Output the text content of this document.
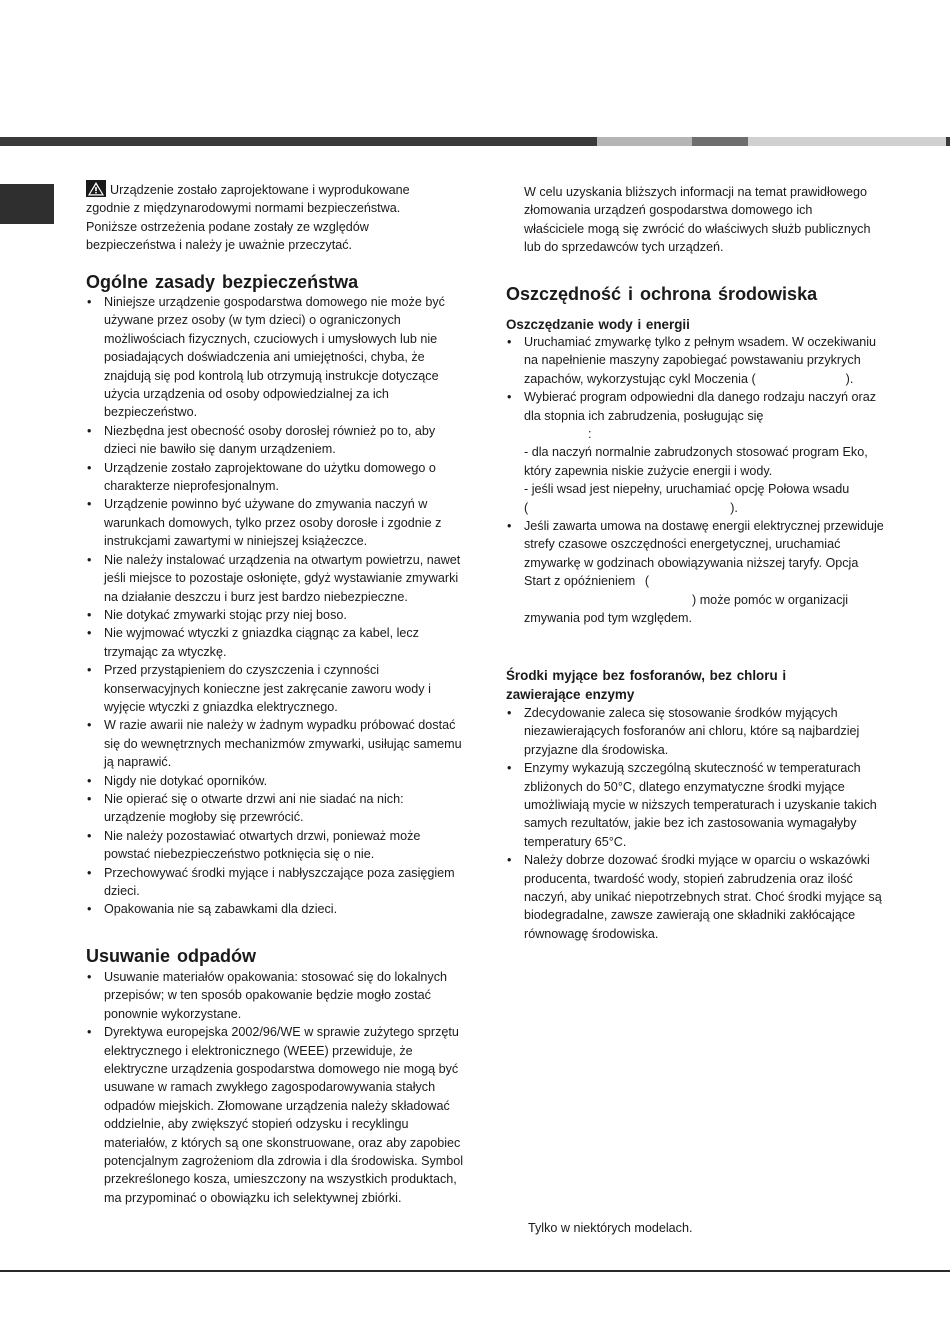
Urządzenie zostało zaprojektowane i wyprodukowane zgodnie z międzynarodowymi normami bezpieczeństwa. Poniższe ostrzeżenia podane zostały ze względów bezpieczeństwa i należy je uważnie przeczytać.
Ogólne zasady bezpieczeństwa
• Niniejsze urządzenie gospodarstwa domowego nie może być używane przez osoby (w tym dzieci) o ograniczonych możliwościach fizycznych, czuciowych i umysłowych lub nie posiadających doświadczenia ani umiejętności, chyba, że znajdują się pod kontrolą lub otrzymują instrukcje dotyczące użycia urządzenia od osoby odpowiedzialnej za ich bezpieczeństwo.
• Niezbędna jest obecność osoby dorosłej również po to, aby dzieci nie bawiło się danym urządzeniem.
• Urządzenie zostało zaprojektowane do użytku domowego o charakterze nieprofesjonalnym.
• Urządzenie powinno być używane do zmywania naczyń w warunkach domowych, tylko przez osoby dorosłe i zgodnie z instrukcjami zawartymi w niniejszej książeczce.
• Nie należy instalować urządzenia na otwartym powietrzu, nawet jeśli miejsce to pozostaje osłonięte, gdyż wystawianie zmywarki na działanie deszczu i burz jest bardzo niebezpieczne.
• Nie dotykać zmywarki stojąc przy niej boso.
• Nie wyjmować wtyczki z gniazdka ciągnąc za kabel, lecz trzymając za wtyczkę.
• Przed przystąpieniem do czyszczenia i czynności konserwacyjnych konieczne jest zakręcanie zaworu wody i wyjęcie wtyczki z gniazdka elektrycznego.
• W razie awarii nie należy w żadnym wypadku próbować dostać się do wewnętrznych mechanizmów zmywarki, usiłując samemu ją naprawić.
• Nigdy nie dotykać oporników.
• Nie opierać się o otwarte drzwi ani nie siadać na nich: urządzenie mogłoby się przewrócić.
• Nie należy pozostawiać otwartych drzwi, ponieważ może powstać niebezpieczeństwo potknięcia się o nie.
• Przechowywać środki myjące i nabłyszczające poza zasięgiem dzieci.
• Opakowania nie są zabawkami dla dzieci.
Usuwanie odpadów
• Usuwanie materiałów opakowania: stosować się do lokalnych przepisów; w ten sposób opakowanie będzie mogło zostać ponownie wykorzystane.
• Dyrektywa europejska 2002/96/WE w sprawie zużytego sprzętu elektrycznego i elektronicznego (WEEE) przewiduje, że elektryczne urządzenia gospodarstwa domowego nie mogą być usuwane w ramach zwykłego zagospodarowywania stałych odpadów miejskich. Złomowane urządzenia należy składować oddzielnie, aby zwiększyć stopień odzysku i recyklingu materiałów, z których są one skonstruowane, oraz aby zapobiec potencjalnym zagrożeniom dla zdrowia i dla środowiska. Symbol przekreślonego kosza, umieszczony na wszystkich produktach, ma przypominać o obowiązku ich selektywnej zbiórki.
W celu uzyskania bliższych informacji na temat prawidłowego złomowania urządzeń gospodarstwa domowego ich właściciele mogą się zwrócić do właściwych służb publicznych lub do sprzedawców tych urządzeń.
Oszczędność i ochrona środowiska
Oszczędzanie wody i energii
• Uruchamiać zmywarkę tylko z pełnym wsadem. W oczekiwaniu na napełnienie maszyny zapobiegać powstawaniu przykrych zapachów, wykorzystując cykl Moczenia (	).
• Wybierać program odpowiedni dla danego rodzaju naczyń oraz dla stopnia ich zabrudzenia, posługując się
:
- dla naczyń normalnie zabrudzonych stosować program Eko, który zapewnia niskie zużycie energii i wody.
- jeśli wsad jest niepełny, uruchamiać opcję Połowa wsadu
(	).
• Jeśli zawarta umowa na dostawę energii elektrycznej przewiduje strefy czasowe oszczędności energetycznej, uruchamiać zmywarkę w godzinach obowiązywania niższej taryfy. Opcja Start z opóźnieniem (
) może pomóc w organizacji
zmywania pod tym względem.
Środki myjące bez fosforanów, bez chloru i zawierające enzymy
• Zdecydowanie zaleca się stosowanie środków myjących niezawierających fosforanów ani chloru, które są najbardziej przyjazne dla środowiska.
• Enzymy wykazują szczególną skuteczność w temperaturach zbliżonych do 50°C, dlatego enzymatyczne środki myjące umożliwiają mycie w niższych temperaturach i uzyskanie takich samych rezultatów, jakie bez ich zastosowania wymagałyby temperatury 65°C.
• Należy dobrze dozować środki myjące w oparciu o wskazówki producenta, twardość wody, stopień zabrudzenia oraz ilość naczyń, aby unikać niepotrzebnych strat. Choć środki myjące są biodegradalne, zawsze zawierają one składniki zakłócające równowagę środowiska.
Tylko w niektórych modelach.
